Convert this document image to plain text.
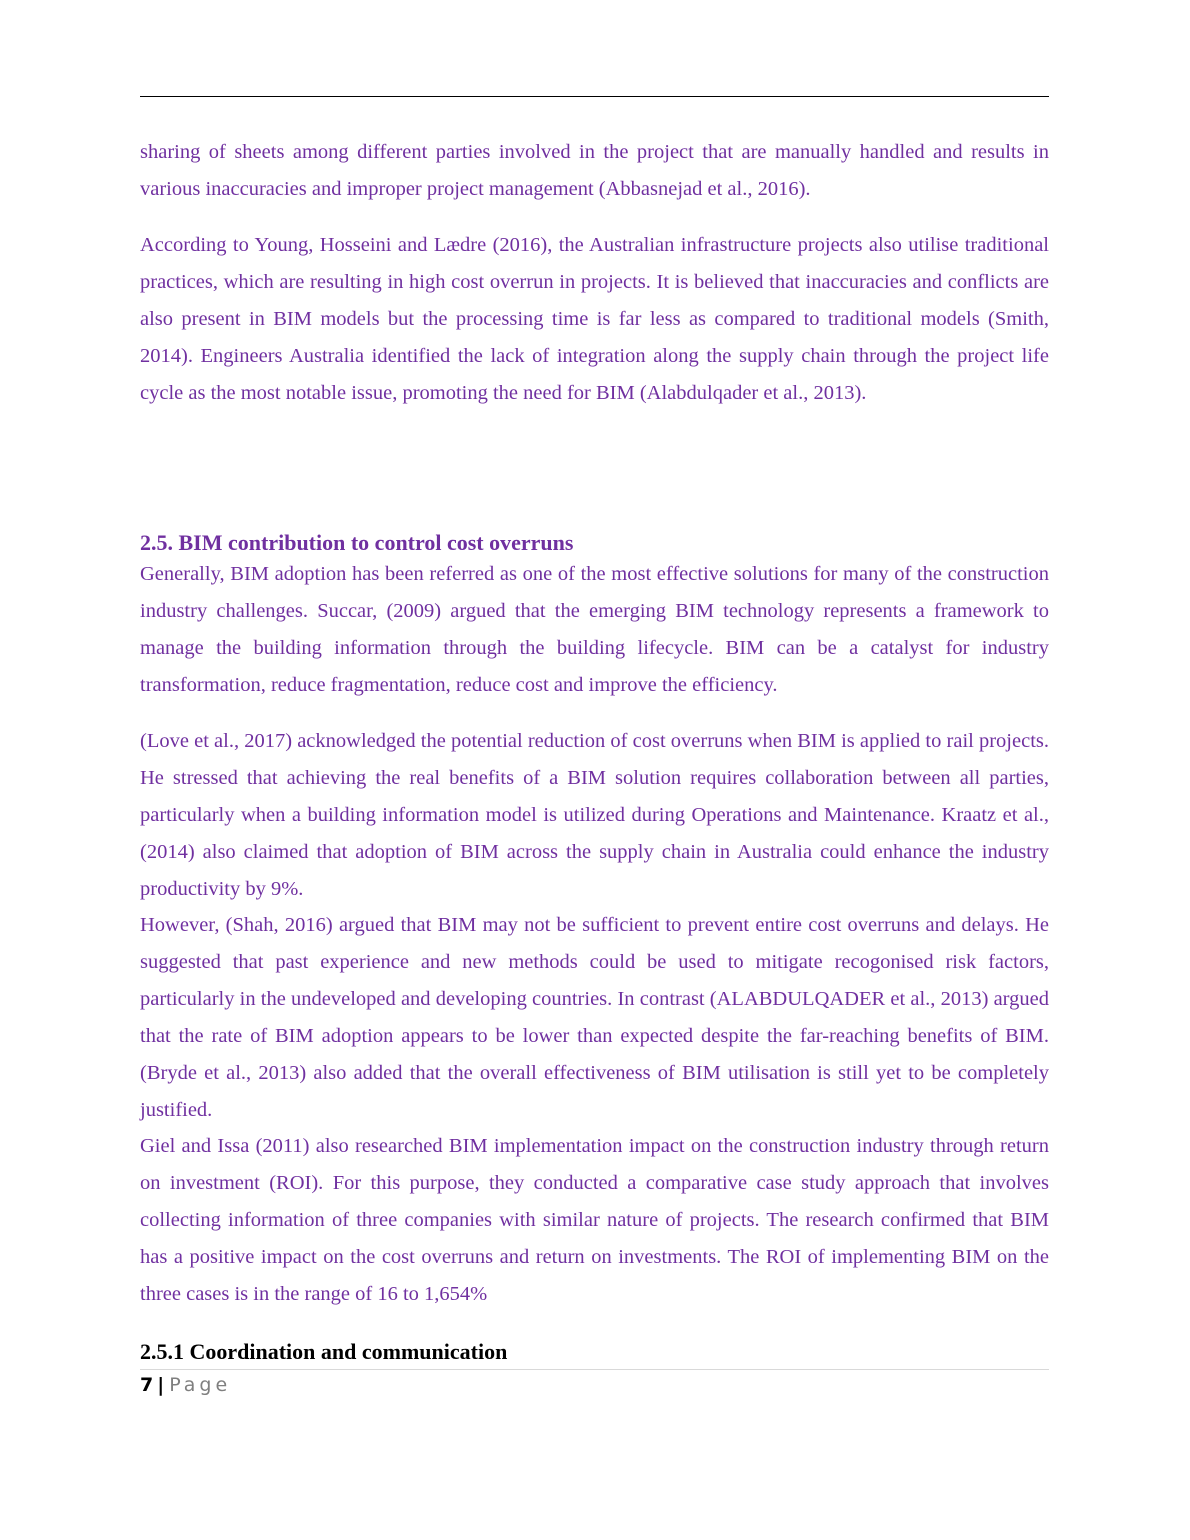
sharing of sheets among different parties involved in the project that are manually handled and results in various inaccuracies and improper project management (Abbasnejad et al., 2016).

According to Young, Hosseini and Lædre (2016), the Australian infrastructure projects also utilise traditional practices, which are resulting in high cost overrun in projects. It is believed that inaccuracies and conflicts are also present in BIM models but the processing time is far less as compared to traditional models (Smith, 2014). Engineers Australia identified the lack of integration along the supply chain through the project life cycle as the most notable issue, promoting the need for BIM (Alabdulqader et al., 2013).

2.5. BIM contribution to control cost overruns

Generally, BIM adoption has been referred as one of the most effective solutions for many of the construction industry challenges. Succar, (2009) argued that the emerging BIM technology represents a framework to manage the building information through the building lifecycle. BIM can be a catalyst for industry transformation, reduce fragmentation, reduce cost and improve the efficiency.

(Love et al., 2017) acknowledged the potential reduction of cost overruns when BIM is applied to rail projects. He stressed that achieving the real benefits of a BIM solution requires collaboration between all parties, particularly when a building information model is utilized during Operations and Maintenance. Kraatz et al., (2014) also claimed that adoption of BIM across the supply chain in Australia could enhance the industry productivity by 9%.

However, (Shah, 2016) argued that BIM may not be sufficient to prevent entire cost overruns and delays. He suggested that past experience and new methods could be used to mitigate recogonised risk factors, particularly in the undeveloped and developing countries. In contrast (ALABDULQADER et al., 2013) argued that the rate of BIM adoption appears to be lower than expected despite the far-reaching benefits of BIM. (Bryde et al., 2013) also added that the overall effectiveness of BIM utilisation is still yet to be completely justified.

Giel and Issa (2011) also researched BIM implementation impact on the construction industry through return on investment (ROI). For this purpose, they conducted a comparative case study approach that involves collecting information of three companies with similar nature of projects. The research confirmed that BIM has a positive impact on the cost overruns and return on investments. The ROI of implementing BIM on the three cases is in the range of 16 to 1,654%

2.5.1 Coordination and communication
7 | Page
